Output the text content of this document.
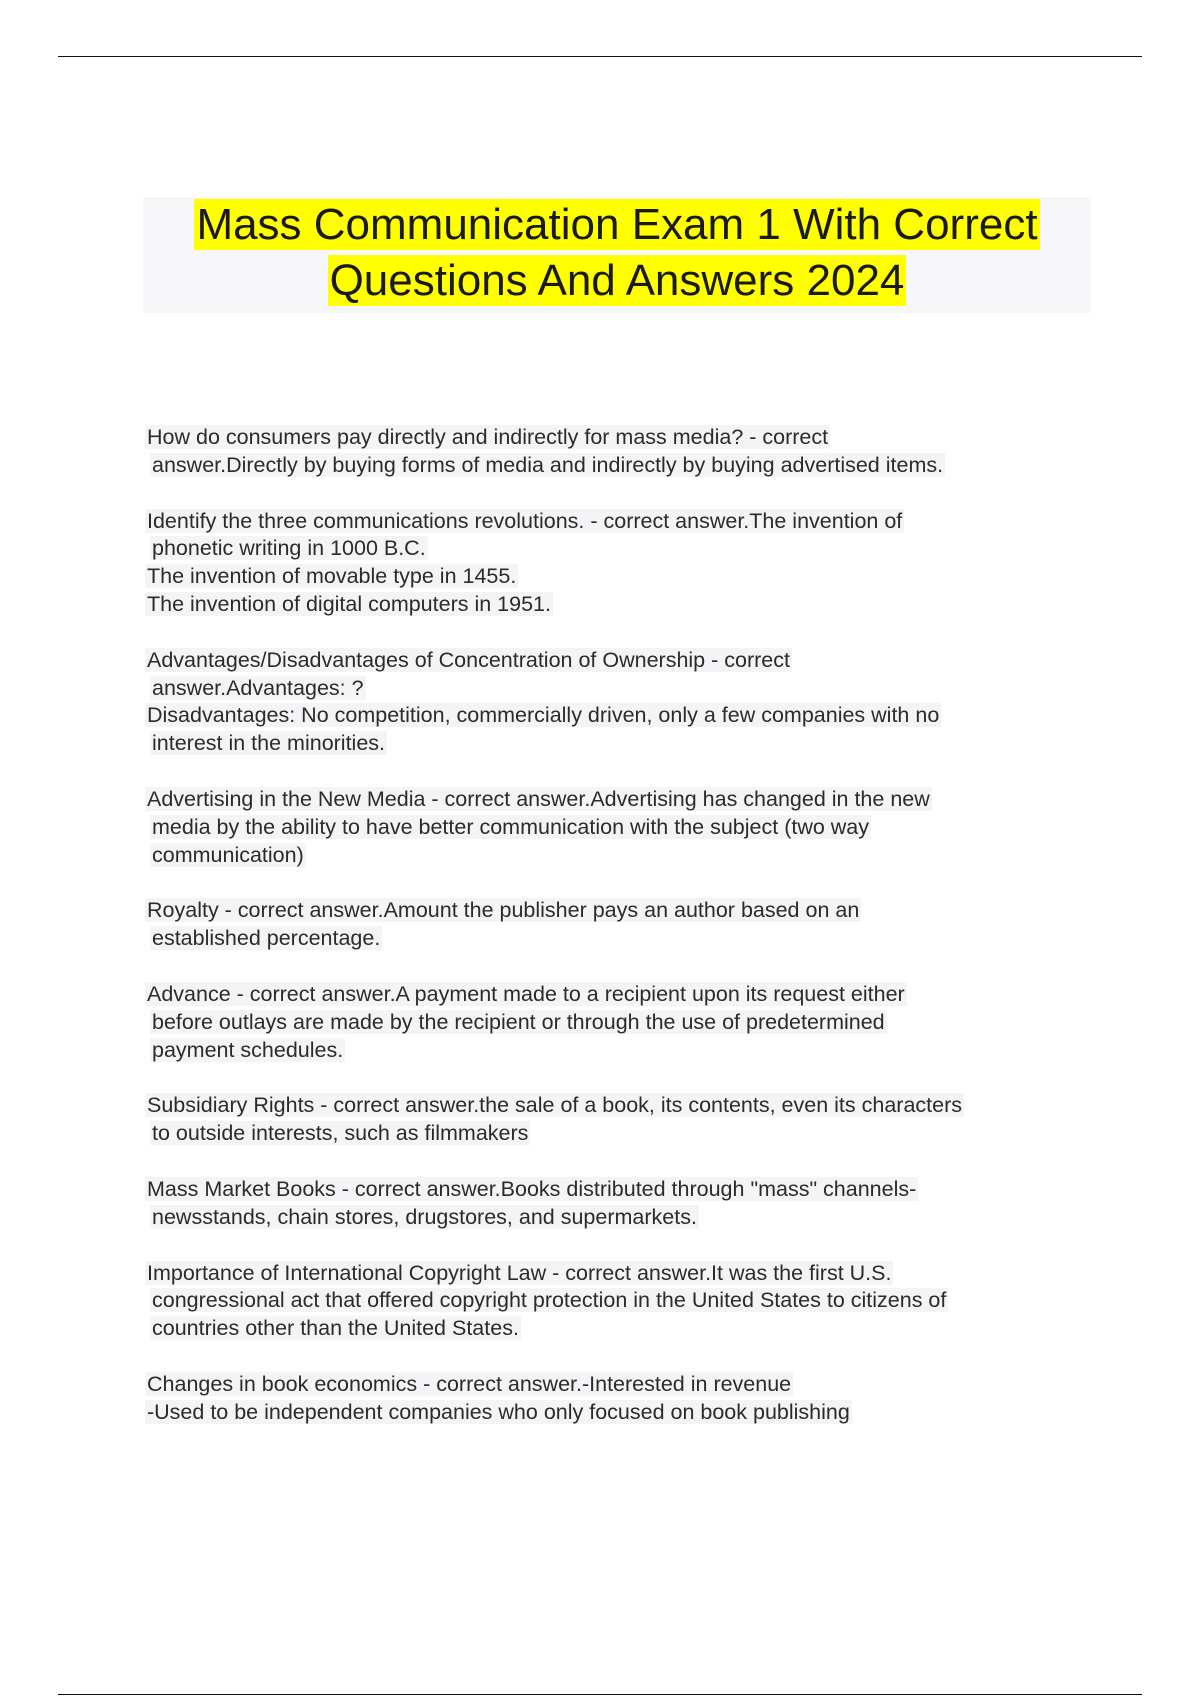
Mass Communication Exam 1 With Correct
Questions And Answers 2024
How do consumers pay directly and indirectly for mass media? - correct
answer.Directly by buying forms of media and indirectly by buying advertised items.
Identify the three communications revolutions. - correct answer.The invention of
phonetic writing in 1000 B.C.
The invention of movable type in 1455.
The invention of digital computers in 1951.
Advantages/Disadvantages of Concentration of Ownership - correct
answer.Advantages: ?
Disadvantages: No competition, commercially driven, only a few companies with no
interest in the minorities.
Advertising in the New Media - correct answer.Advertising has changed in the new
media by the ability to have better communication with the subject (two way
communication)
Royalty - correct answer.Amount the publisher pays an author based on an
established percentage.
Advance - correct answer.A payment made to a recipient upon its request either
before outlays are made by the recipient or through the use of predetermined
payment schedules.
Subsidiary Rights - correct answer.the sale of a book, its contents, even its characters
to outside interests, such as filmmakers
Mass Market Books - correct answer.Books distributed through "mass" channels-
newsstands, chain stores, drugstores, and supermarkets.
Importance of International Copyright Law - correct answer.It was the first U.S.
congressional act that offered copyright protection in the United States to citizens of
countries other than the United States.
Changes in book economics - correct answer.-Interested in revenue
-Used to be independent companies who only focused on book publishing
